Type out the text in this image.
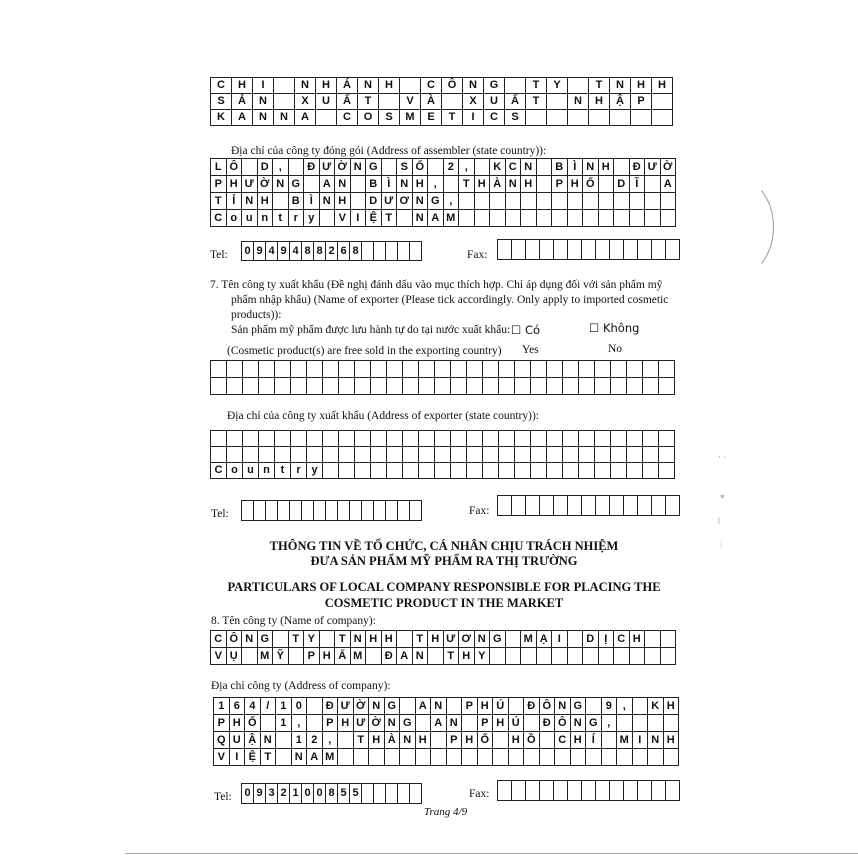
C	H	I	N	H	Á	N	H	C	Ô	N	G	T	Y	T	N	H	H
S	Ả	N	X	U	Ấ	T	V	À	X	U	Ấ	T	N	H	Ậ	P
K	A	N	N	A	C	O	S	M	E	T	I	C	S
Địa chỉ của công ty đóng gói (Address of assembler (state country)):
L Ô	D ,	Đ Ư Ờ N G	S Ố	2 ,	K C N	B Ì N H	Đ Ư Ờ
P H Ư Ờ N G	A N	B Ì N H ,	T H À N H	P H Ố	D Ĩ	A
T Ỉ N H	B Ì N H	D Ư Ơ N G ,
C o u n t	r y	V I Ệ T	N A M
Tel: 0 9 4 9 4 8 8 2 6 8	Fax:
7. Tên công ty xuất khẩu (Đề nghị đánh dấu vào mục thích hợp. Chỉ áp dụng đối với sản phẩm mỹ
phẩm nhập khẩu) (Name of exporter (Please tick accordingly. Only apply to imported cosmetic
products)):
Sản phẩm mỹ phẩm được lưu hành tự do tại nước xuất khẩu: ☐ Có	☐ Không
(Cosmetic product(s) are free sold in the exporting country) Yes	No
Địa chỉ của công ty xuất khẩu (Address of exporter (state country)):
C o u n t	r y
Tel:	Fax:
THÔNG TIN VỀ TỔ CHỨC, CÁ NHÂN CHỊU TRÁCH NHIỆM
ĐƯA SẢN PHẨM MỸ PHẨM RA THỊ TRƯỜNG
PARTICULARS OF LOCAL COMPANY RESPONSIBLE FOR PLACING THE
COSMETIC PRODUCT IN THE MARKET
8. Tên công ty (Name of company):
C Ô N G	T Y	T N H H	T H Ư Ơ N G	M Ạ I	D Ị C H
V Ụ	M Ỹ	P H Ẩ M	Đ A N	T H Y
Địa chỉ công ty (Address of company):
1 6 4 / 1 0	Đ Ư Ờ N G	A N	P H Ú	Đ Ô N G	9 ,	K H
P H Ố	1 ,	P H Ư Ờ N G	A N	P H Ú	Đ Ô N G ,
Q U Ậ N	1 2 ,	T H À N H	P H Ố	H Ồ	C H Í	M I N H
V I Ệ T	N A M
Tel: 0 9 3 2 1 0 0 8 5 5	Fax:
Trang 4/9
· ·
⁎
⦚
⦙
